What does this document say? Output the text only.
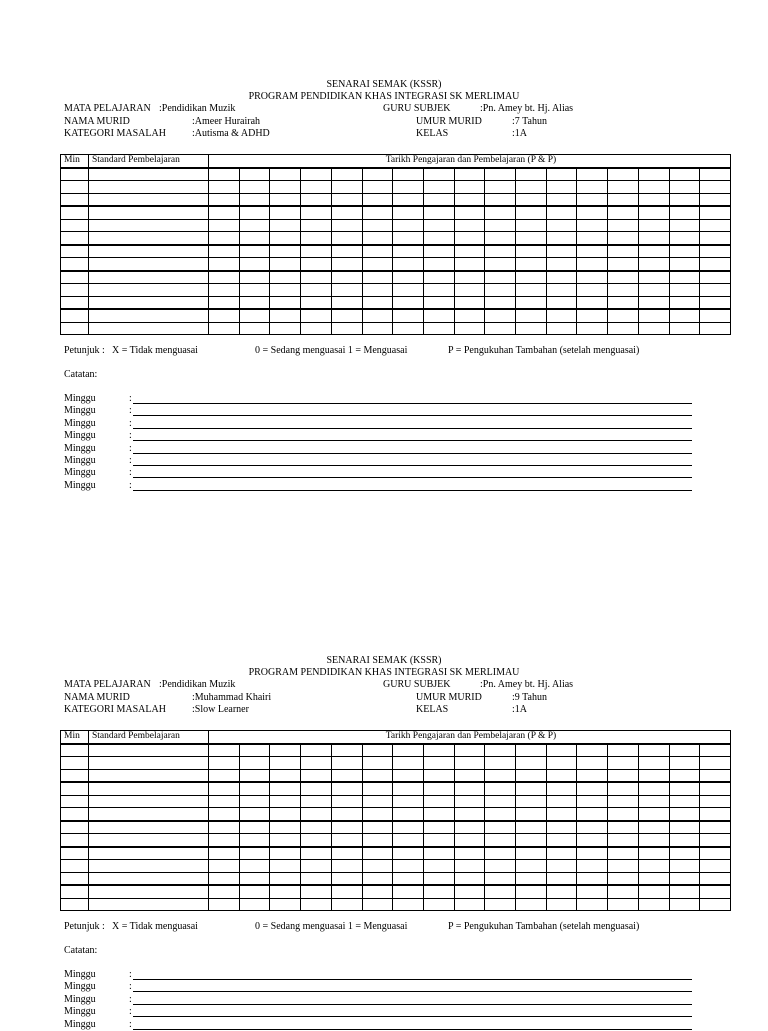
SENARAI SEMAK (KSSR)
PROGRAM PENDIDIKAN KHAS INTEGRASI SK MERLIMAU
MATA PELAJARAN :Pendidikan Muzik	GURU SUBJEK	:Pn. Amey bt. Hj. Alias
NAMA MURID	:Ameer Hurairah	UMUR MURID	:7 Tahun
KATEGORI MASALAH	:Autisma & ADHD	KELAS	:1A
Min	Standard Pembelajaran	Tarikh Pengajaran dan Pembelajaran (P & P)																

Petunjuk : X = Tidak menguasai	0 = Sedang menguasai 1 = Menguasai	P = Pengukuhan Tambahan (setelah menguasai)
Catatan:
Minggu	:
Minggu	:
Minggu	:
Minggu	:
Minggu	:
Minggu	:
Minggu	:
Minggu	:
SENARAI SEMAK (KSSR)
PROGRAM PENDIDIKAN KHAS INTEGRASI SK MERLIMAU
MATA PELAJARAN :Pendidikan Muzik	GURU SUBJEK	:Pn. Amey bt. Hj. Alias
NAMA MURID	:Muhammad Khairi	UMUR MURID	:9 Tahun
KATEGORI MASALAH	:Slow Learner	KELAS	:1A
Min	Standard Pembelajaran	Tarikh Pengajaran dan Pembelajaran (P & P)																

Petunjuk : X = Tidak menguasai	0 = Sedang menguasai 1 = Menguasai	P = Pengukuhan Tambahan (setelah menguasai)
Catatan:
Minggu	:
Minggu	:
Minggu	:
Minggu	:
Minggu	:
